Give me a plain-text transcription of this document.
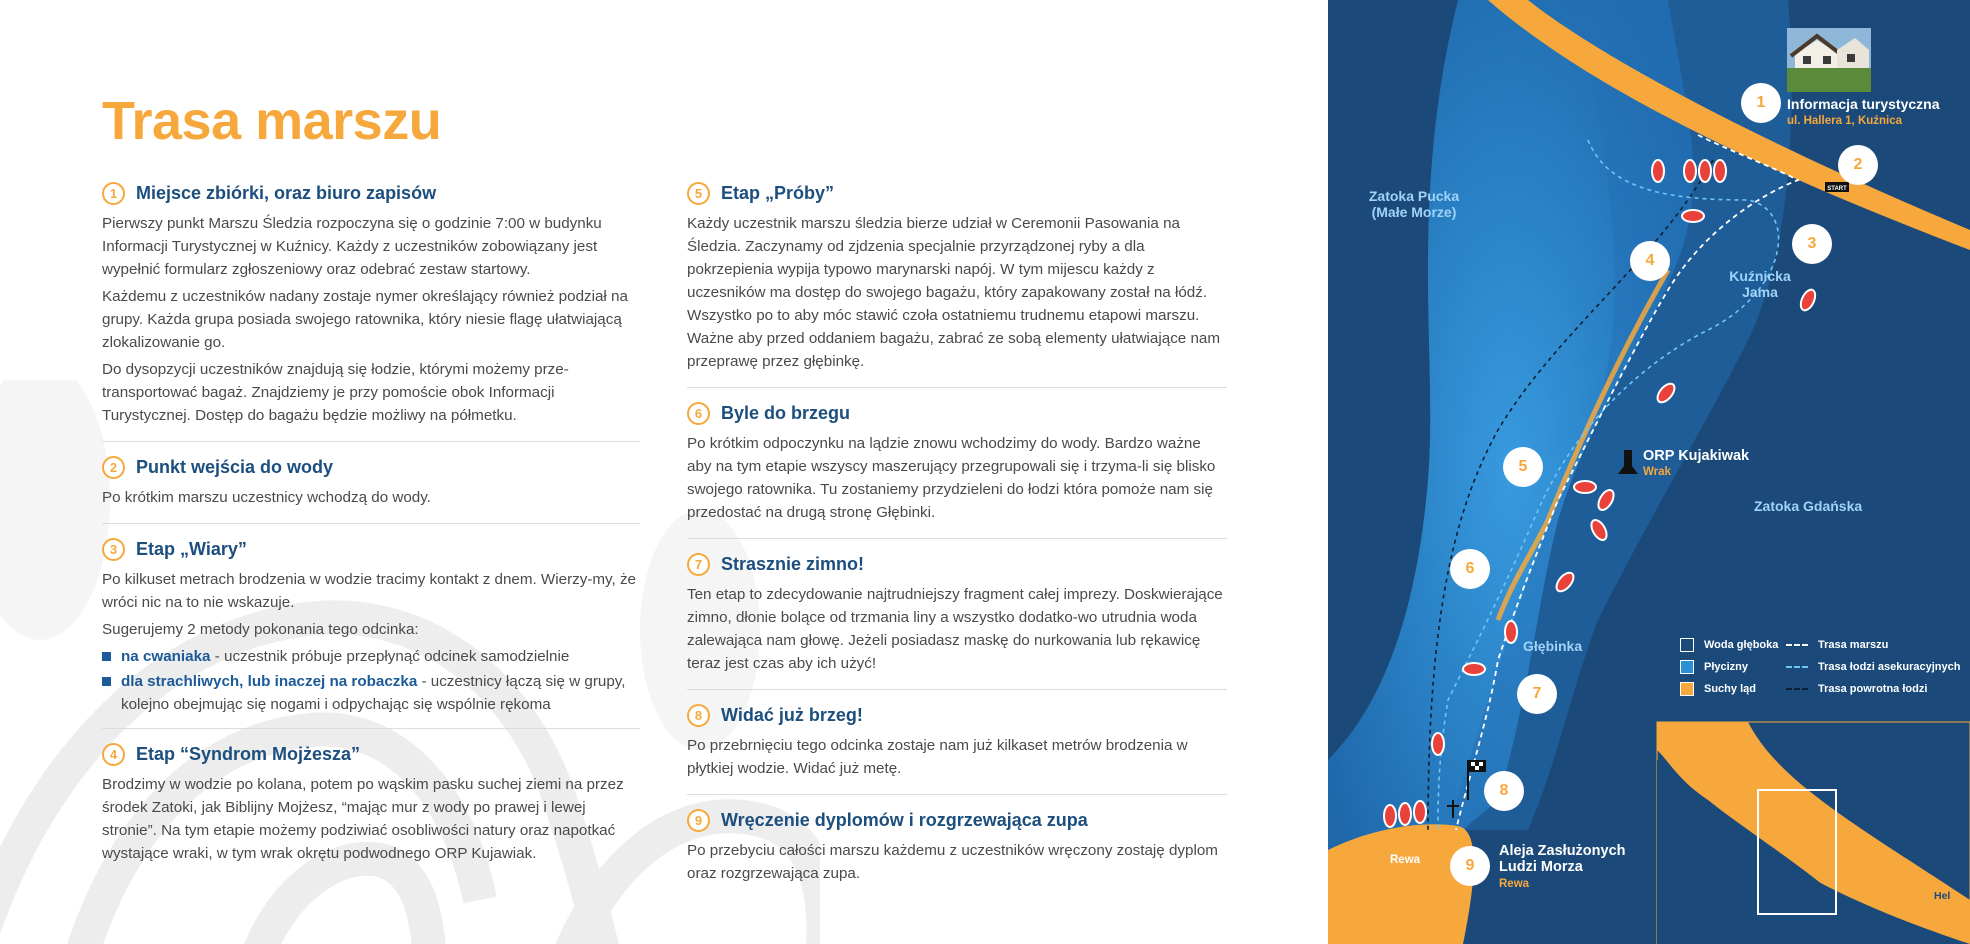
Trasa marszu
1	Miejsce zbiórki, oraz biuro zapisów

Pierwszy punkt Marszu Śledzia rozpoczyna się o godzinie 7:00 w budynku Informacji Turystycznej w Kuźnicy. Każdy z uczestników zobowiązany jest wypełnić formularz zgłoszeniowy oraz odebrać zestaw startowy.

Każdemu z uczestników nadany zostaje nymer określający również podział na grupy. Każda grupa posiada swojego ratownika, który niesie flagę ułatwiającą zlokalizowanie go.

Do dysopzycji uczestników znajdują się łodzie, którymi możemy prze-transportować bagaż. Znajdziemy je przy pomoście obok Informacji Turystycznej. Dostęp do bagażu będzie możliwy na półmetku.

2	Punkt wejścia do wody

Po krótkim marszu uczestnicy wchodzą do wody.

3	Etap „Wiary”

Po kilkuset metrach brodzenia w wodzie tracimy kontakt z dnem. Wierzy-my, że wróci nic na to nie wskazuje.

Sugerujemy 2 metody pokonania tego odcinka:

na cwaniaka - uczestnik próbuje przepłynąć odcinek samodzielnie
dla strachliwych, lub inaczej na robaczka - uczestnicy łączą się w grupy, kolejno obejmując się nogami i odpychając się wspólnie rękoma
4	Etap “Syndrom Mojżesza”

Brodzimy w wodzie po kolana, potem po wąskim pasku suchej ziemi na przez środek Zatoki, jak Biblijny Mojżesz, “mając mur z wody po prawej i lewej stronie”. Na tym etapie możemy podziwiać osobliwości natury oraz napotkać wystające wraki, w tym wrak okrętu podwodnego ORP Kujawiak.

5	Etap „Próby”

Każdy uczestnik marszu śledzia bierze udział w Ceremonii Pasowania na Śledzia. Zaczynamy od zjdzenia specjalnie przyrządzonej ryby a dla pokrzepienia wypija typowo marynarski napój. W tym mijescu każdy z uczesników ma dostęp do swojego bagażu, który zapakowany został na łódź. Wszystko po to aby móc stawić czoła ostatniemu trudnemu etapowi marszu. Ważne aby przed oddaniem bagażu, zabrać ze sobą elementy ułatwiające nam przeprawę przez głębinkę.

6	Byle do brzegu

Po krótkim odpoczynku na lądzie znowu wchodzimy do wody. Bardzo ważne aby na tym etapie wszyscy maszerujący przegrupowali się i trzyma-li się blisko swojego ratownika. Tu zostaniemy przydzieleni do łodzi która pomoże nam się przedostać na drugą stronę Głębinki.

7	Strasznie zimno!

Ten etap to zdecydowanie najtrudniejszy fragment całej imprezy. Doskwierające zimno, dłonie bolące od trzmania liny a wszystko dodatko-wo utrudnia woda zalewająca nam głowę. Jeżeli posiadasz maskę do nurkowania lub rękawicę teraz jest czas aby ich użyć!

8	Widać już brzeg!

Po przebrnięciu tego odcinka zostaje nam już kilkaset metrów brodzenia w płytkiej wodzie. Widać już metę.

9	Wręczenie dyplomów i rozgrzewająca zupa

Po przebyciu całości marszu każdemu z uczestników wręczony zostaję dyplom oraz rozgrzewająca zupa.

START
1
2
3
4
5
6
7
8
9
Informacja turystyczna
ul. Hallera 1, Kuźnica
Zatoka Pucka
(Małe Morze)
Kuźnicka
Jama
ORP Kujakiwak
Wrak
Zatoka Gdańska
Głębinka
Aleja Zasłużonych
Ludzi Morza
Rewa
Rewa
Hel
Woda głęboka	Trasa marszu
Płycizny	Trasa łodzi asekuracyjnych
Suchy ląd	Trasa powrotna łodzi
